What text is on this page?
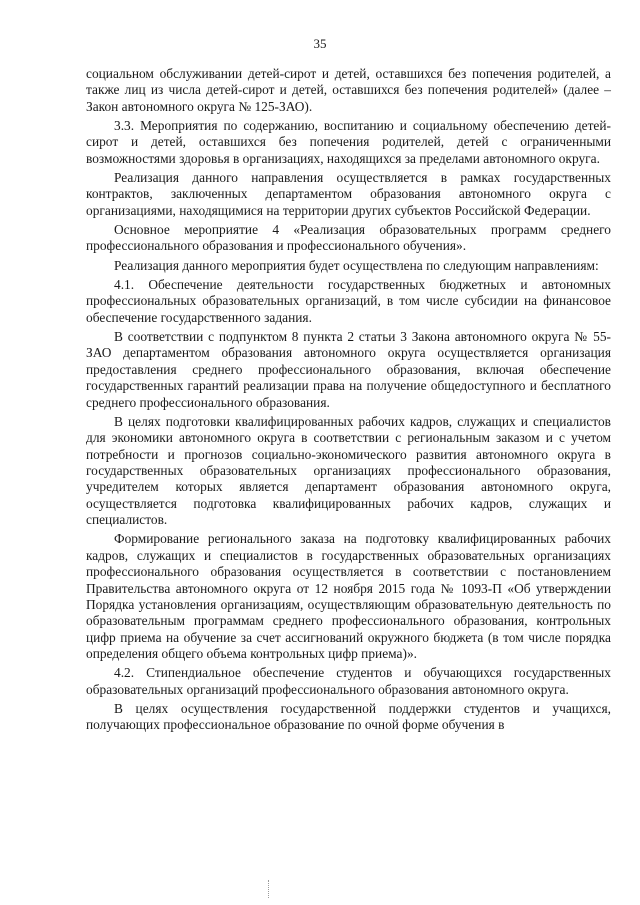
35

социальном обслуживании детей-сирот и детей, оставшихся без попечения родителей, а также лиц из числа детей-сирот и детей, оставшихся без попечения родителей» (далее – Закон автономного округа № 125-ЗАО).

3.3. Мероприятия по содержанию, воспитанию и социальному обеспечению детей-сирот и детей, оставшихся без попечения родителей, детей с ограниченными возможностями здоровья в организациях, находящихся за пределами автономного округа.

Реализация данного направления осуществляется в рамках государственных контрактов, заключенных департаментом образования автономного округа с организациями, находящимися на территории других субъектов Российской Федерации.

Основное мероприятие 4 «Реализация образовательных программ среднего профессионального образования и профессионального обучения».

Реализация данного мероприятия будет осуществлена по следующим направлениям:

4.1. Обеспечение деятельности государственных бюджетных и автономных профессиональных образовательных организаций, в том числе субсидии на финансовое обеспечение государственного задания.

В соответствии с подпунктом 8 пункта 2 статьи 3 Закона автономного округа № 55-ЗАО департаментом образования автономного округа осуществляется организация предоставления среднего профессионального образования, включая обеспечение государственных гарантий реализации права на получение общедоступного и бесплатного среднего профессионального образования.

В целях подготовки квалифицированных рабочих кадров, служащих и специалистов для экономики автономного округа в соответствии с региональным заказом и с учетом потребности и прогнозов социально-экономического развития автономного округа в государственных образовательных организациях профессионального образования, учредителем которых является департамент образования автономного округа, осуществляется подготовка квалифицированных рабочих кадров, служащих и специалистов.

Формирование регионального заказа на подготовку квалифицированных рабочих кадров, служащих и специалистов в государственных образовательных организациях профессионального образования осуществляется в соответствии с постановлением Правительства автономного округа от 12 ноября 2015 года № 1093-П «Об утверждении Порядка установления организациям, осуществляющим образовательную деятельность по образовательным программам среднего профессионального образования, контрольных цифр приема на обучение за счет ассигнований окружного бюджета (в том числе порядка определения общего объема контрольных цифр приема)».

4.2. Стипендиальное обеспечение студентов и обучающихся государственных образовательных организаций профессионального образования автономного округа.

В целях осуществления государственной поддержки студентов и учащихся, получающих профессиональное образование по очной форме обучения в
